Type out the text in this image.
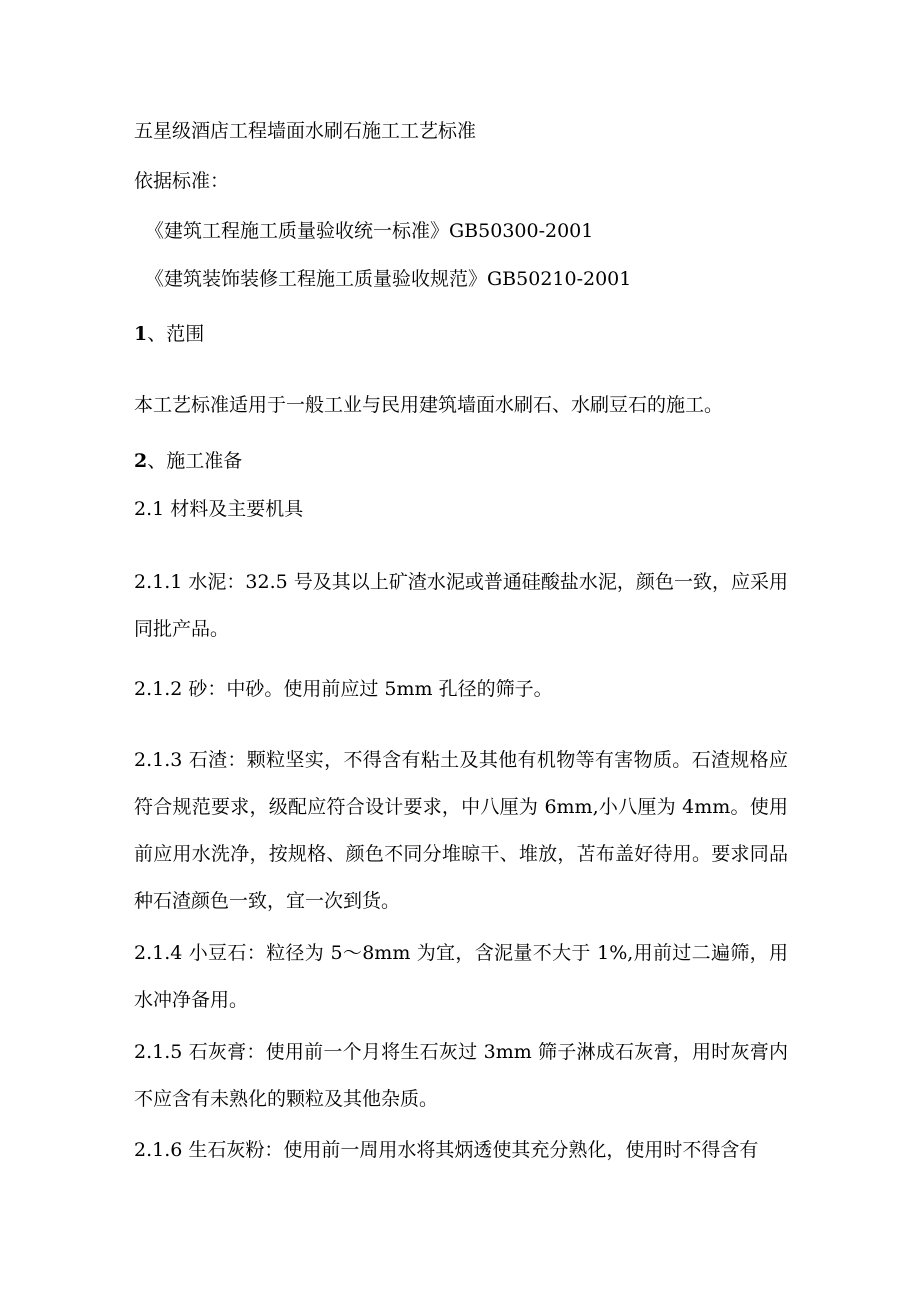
五星级酒店工程墙面水刷石施工工艺标准
依据标准：
《建筑工程施工质量验收统一标准》GB50300-2001
《建筑装饰装修工程施工质量验收规范》GB50210-2001
1、范围
本工艺标准适用于一般工业与民用建筑墙面水刷石、水刷豆石的施工。
2、施工准备
2.1 材料及主要机具
2.1.1 水泥：32.5 号及其以上矿渣水泥或普通硅酸盐水泥，颜色一致，应采用同批产品。
2.1.2 砂：中砂。使用前应过 5mm 孔径的筛子。
2.1.3 石渣：颗粒坚实，不得含有粘土及其他有机物等有害物质。石渣规格应符合规范要求，级配应符合设计要求，中八厘为 6mm,小八厘为 4mm。使用前应用水洗净，按规格、颜色不同分堆晾干、堆放，苫布盖好待用。要求同品种石渣颜色一致，宜一次到货。
2.1.4 小豆石：粒径为 5～8mm 为宜，含泥量不大于 1%,用前过二遍筛，用水冲净备用。
2.1.5 石灰膏：使用前一个月将生石灰过 3mm 筛子淋成石灰膏，用时灰膏内不应含有未熟化的颗粒及其他杂质。
2.1.6 生石灰粉：使用前一周用水将其炳透使其充分熟化，使用时不得含有
